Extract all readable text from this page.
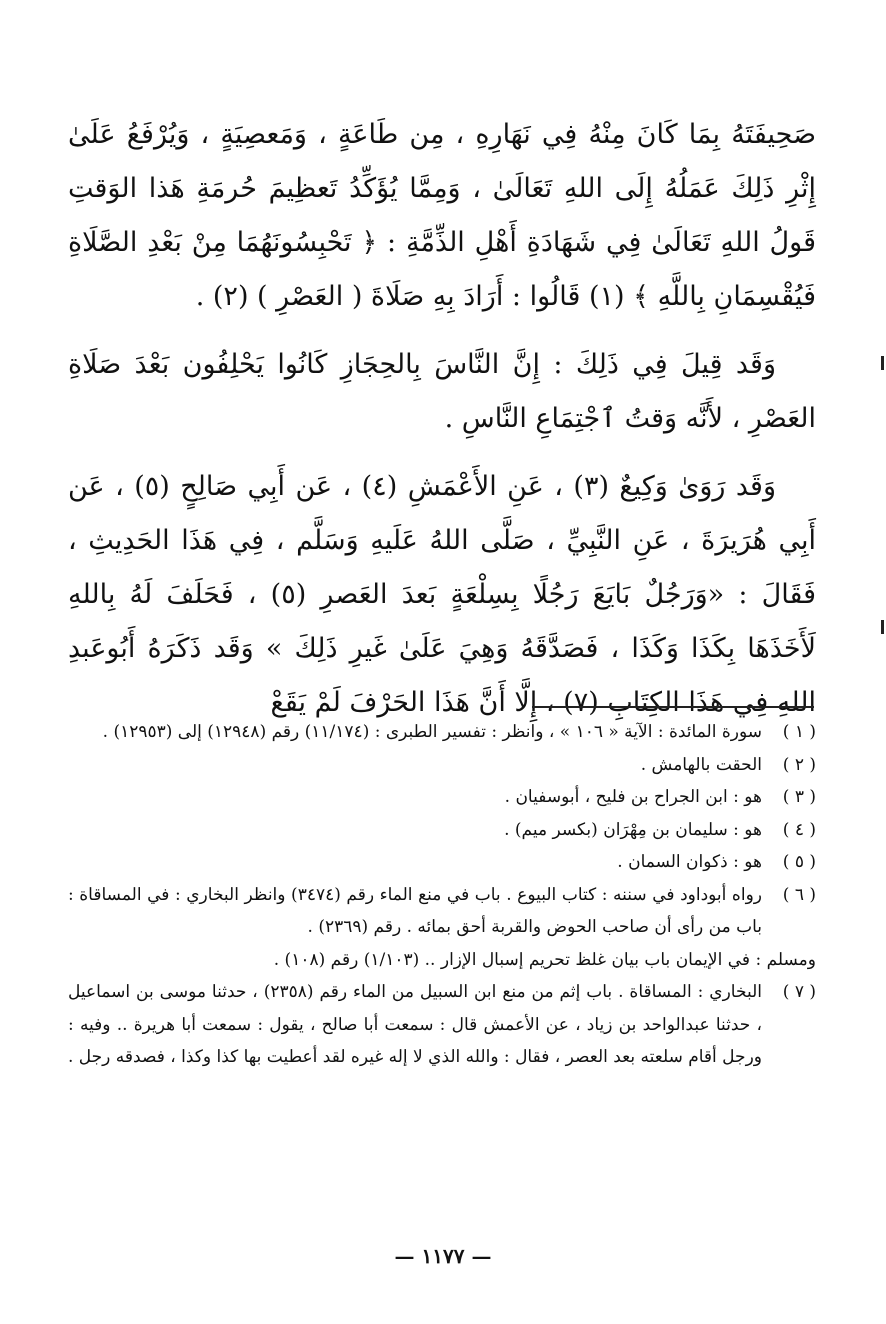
صَحِيفَتَهُ بِمَا كَانَ مِنْهُ فِي نَهَارِهِ ، مِن طَاعَةٍ ، وَمَعصِيَةٍ ، وَيُرْفَعُ عَلَىٰ إِثْرِ ذَلِكَ عَمَلُهُ إِلَى اللهِ تَعَالَىٰ ، وَمِمَّا يُؤَكِّدُ تَعظِيمَ حُرمَةِ هَذا الوَقتِ قَولُ اللهِ تَعَالَىٰ فِي شَهَادَةِ أَهْلِ الذِّمَّةِ : ﴿ تَحْبِسُونَهُمَا مِنْ بَعْدِ الصَّلَاةِ فَيُقْسِمَانِ بِاللَّهِ ﴾ (١) قَالُوا : أَرَادَ بِهِ صَلَاةَ ( العَصْرِ ) (٢) .

وَقَد قِيلَ فِي ذَلِكَ : إِنَّ النَّاسَ بِالحِجَازِ كَانُوا يَحْلِفُون بَعْدَ صَلَاةِ العَصْرِ ، لأَنَّه وَقتُ ٱجْتِمَاعِ النَّاسِ .

وَقَد رَوَىٰ وَكِيعٌ (٣) ، عَنِ الأَعْمَشِ (٤) ، عَن أَبِي صَالِحٍ (٥) ، عَن أَبِي هُرَيرَةَ ، عَنِ النَّبِيِّ ، صَلَّى اللهُ عَلَيهِ وَسَلَّم ، فِي هَذَا الحَدِيثِ ، فَقَالَ : «وَرَجُلٌ بَايَعَ رَجُلًا بِسِلْعَةٍ بَعدَ العَصرِ (٥) ، فَحَلَفَ لَهُ بِاللهِ لَأَخَذَهَا بِكَذَا وَكَذَا ، فَصَدَّقَهُ وَهِيَ عَلَىٰ غَيرِ ذَلِكَ » وَقَد ذَكَرَهُ أَبُوعَبدِ اللهِ فِي هَذَا الكِتَابِ (٧) ، إِلَّا أَنَّ هَذَا الحَرْفَ لَمْ يَقَعْ

( ١ )
سورة المائدة : الآية « ١٠٦ » ، وانظر : تفسير الطبرى : (١١/١٧٤) رقم (١٢٩٤٨) إلى (١٢٩٥٣) .
( ٢ )
الحقت بالهامش .
( ٣ )
هو : ابن الجراح بن فليح ، أبوسفيان .
( ٤ )
هو : سليمان بن مِهْرَان (بكسر ميم) .
( ٥ )
هو : ذكوان السمان .
( ٦ )
رواه أبوداود في سننه : كتاب البيوع . باب في منع الماء رقم (٣٤٧٤) وانظر البخاري : في المساقاة : باب من رأى أن صاحب الحوض والقربة أحق بمائه . رقم (٢٣٦٩) .
ومسلم : في الإيمان باب بيان غلظ تحريم إسبال الإزار .. (١/١٠٣) رقم (١٠٨) .
( ٧ )
البخاري : المساقاة . باب إثم من منع ابن السبيل من الماء رقم (٢٣٥٨) ، حدثنا موسى بن اسماعيل ، حدثنا عبدالواحد بن زياد ، عن الأعمش قال : سمعت أبا صالح ، يقول : سمعت أبا هريرة .. وفيه : ورجل أقام سلعته بعد العصر ، فقال : والله الذي لا إله غيره لقد أعطيت بها كذا وكذا ، فصدقه رجل .
— ١١٧٧ —
